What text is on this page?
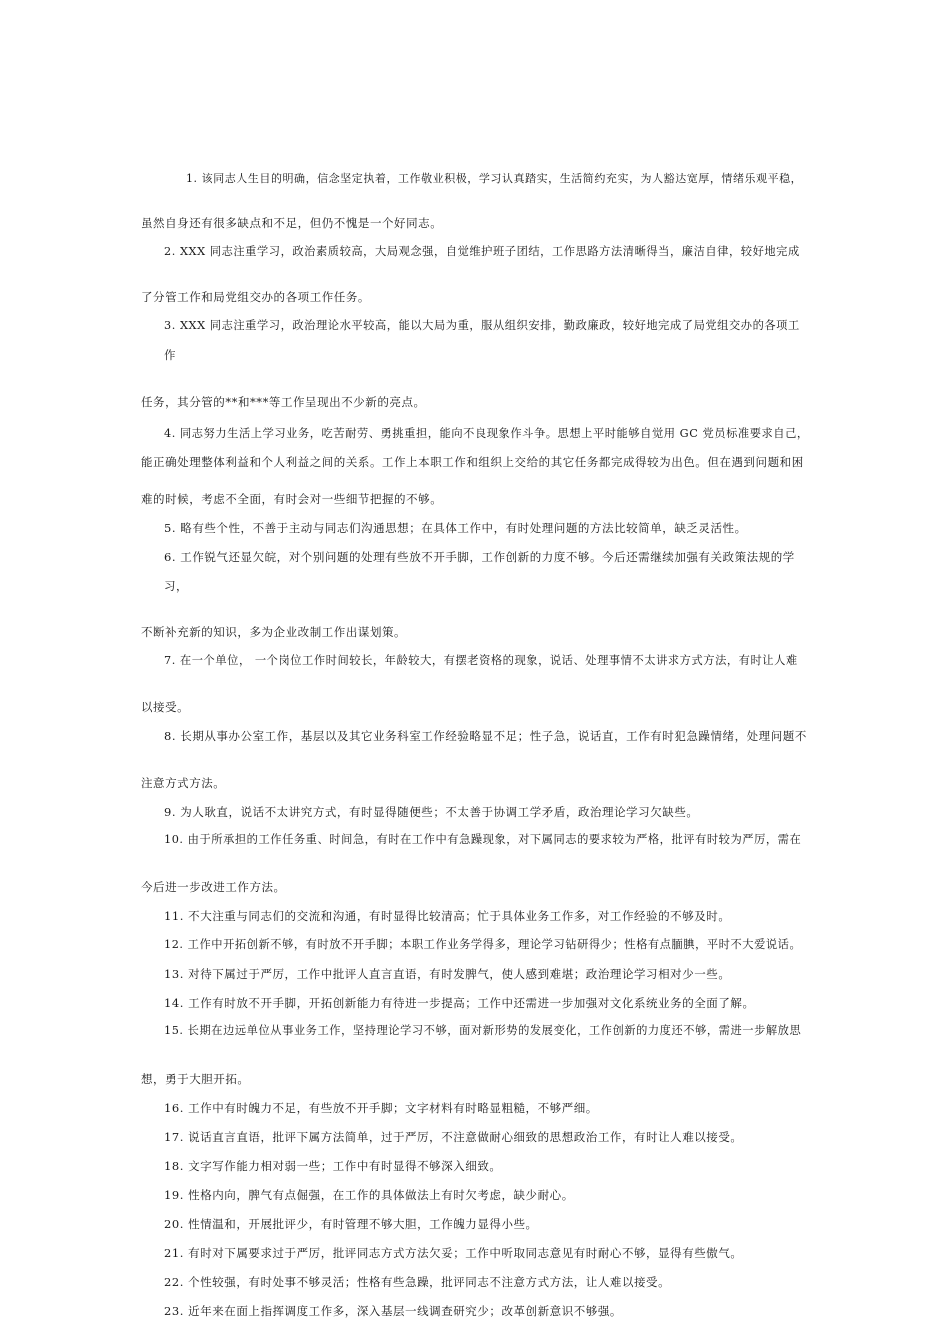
1. 该同志人生目的明确，信念坚定执着，工作敬业积极，学习认真踏实，生活简约充实，为人豁达宽厚，情绪乐观平稳，
虽然自身还有很多缺点和不足，但仍不愧是一个好同志。
2. XXX 同志注重学习，政治素质较高，大局观念强，自觉维护班子团结，工作思路方法清晰得当，廉洁自律，较好地完成
了分管工作和局党组交办的各项工作任务。
3. XXX 同志注重学习，政治理论水平较高，能以大局为重，服从组织安排，勤政廉政，较好地完成了局党组交办的各项工
作
任务，其分管的**和***等工作呈现出不少新的亮点。
4. 同志努力生活上学习业务，吃苦耐劳、勇挑重担，能向不良现象作斗争。思想上平时能够自觉用 GC 党员标准要求自己，
能正确处理整体利益和个人利益之间的关系。工作上本职工作和组织上交给的其它任务都完成得较为出色。但在遇到问题和困
难的时候，考虑不全面，有时会对一些细节把握的不够。
5. 略有些个性，不善于主动与同志们沟通思想；在具体工作中，有时处理问题的方法比较简单，缺乏灵活性。
6. 工作锐气还显欠皖，对个别问题的处理有些放不开手脚，工作创新的力度不够。今后还需继续加强有关政策法规的学
习，
不断补充新的知识，多为企业改制工作出谋划策。
7. 在一个单位， 一个岗位工作时间较长，年龄较大，有摆老资格的现象，说话、处理事情不太讲求方式方法，有时让人难
以接受。
8. 长期从事办公室工作，基层以及其它业务科室工作经验略显不足；性子急，说话直，工作有时犯急躁情绪，处理问题不
注意方式方法。
9. 为人耿直，说话不太讲究方式，有时显得随便些；不太善于协调工学矛盾，政治理论学习欠缺些。
10. 由于所承担的工作任务重、时间急，有时在工作中有急躁现象，对下属同志的要求较为严格，批评有时较为严厉，需在
今后进一步改进工作方法。
11. 不大注重与同志们的交流和沟通，有时显得比较清高；忙于具体业务工作多，对工作经验的不够及时。
12. 工作中开拓创新不够，有时放不开手脚；本职工作业务学得多，理论学习钻研得少；性格有点腼腆，平时不大爱说话。
13. 对待下属过于严厉，工作中批评人直言直语，有时发脾气，使人感到难堪；政治理论学习相对少一些。
14. 工作有时放不开手脚，开拓创新能力有待进一步提高；工作中还需进一步加强对文化系统业务的全面了解。
15. 长期在边远单位从事业务工作，坚持理论学习不够，面对新形势的发展变化，工作创新的力度还不够，需进一步解放思
想，勇于大胆开拓。
16. 工作中有时魄力不足，有些放不开手脚；文字材料有时略显粗糙，不够严细。
17. 说话直言直语，批评下属方法简单，过于严厉，不注意做耐心细致的思想政治工作，有时让人难以接受。
18. 文字写作能力相对弱一些；工作中有时显得不够深入细致。
19. 性格内向，脾气有点倔强，在工作的具体做法上有时欠考虑，缺少耐心。
20. 性情温和，开展批评少，有时管理不够大胆，工作魄力显得小些。
21. 有时对下属要求过于严厉，批评同志方式方法欠妥；工作中听取同志意见有时耐心不够，显得有些傲气。
22. 个性较强，有时处事不够灵活；性格有些急躁，批评同志不注意方式方法，让人难以接受。
23. 近年来在面上指挥调度工作多，深入基层一线调查研究少；改革创新意识不够强。
